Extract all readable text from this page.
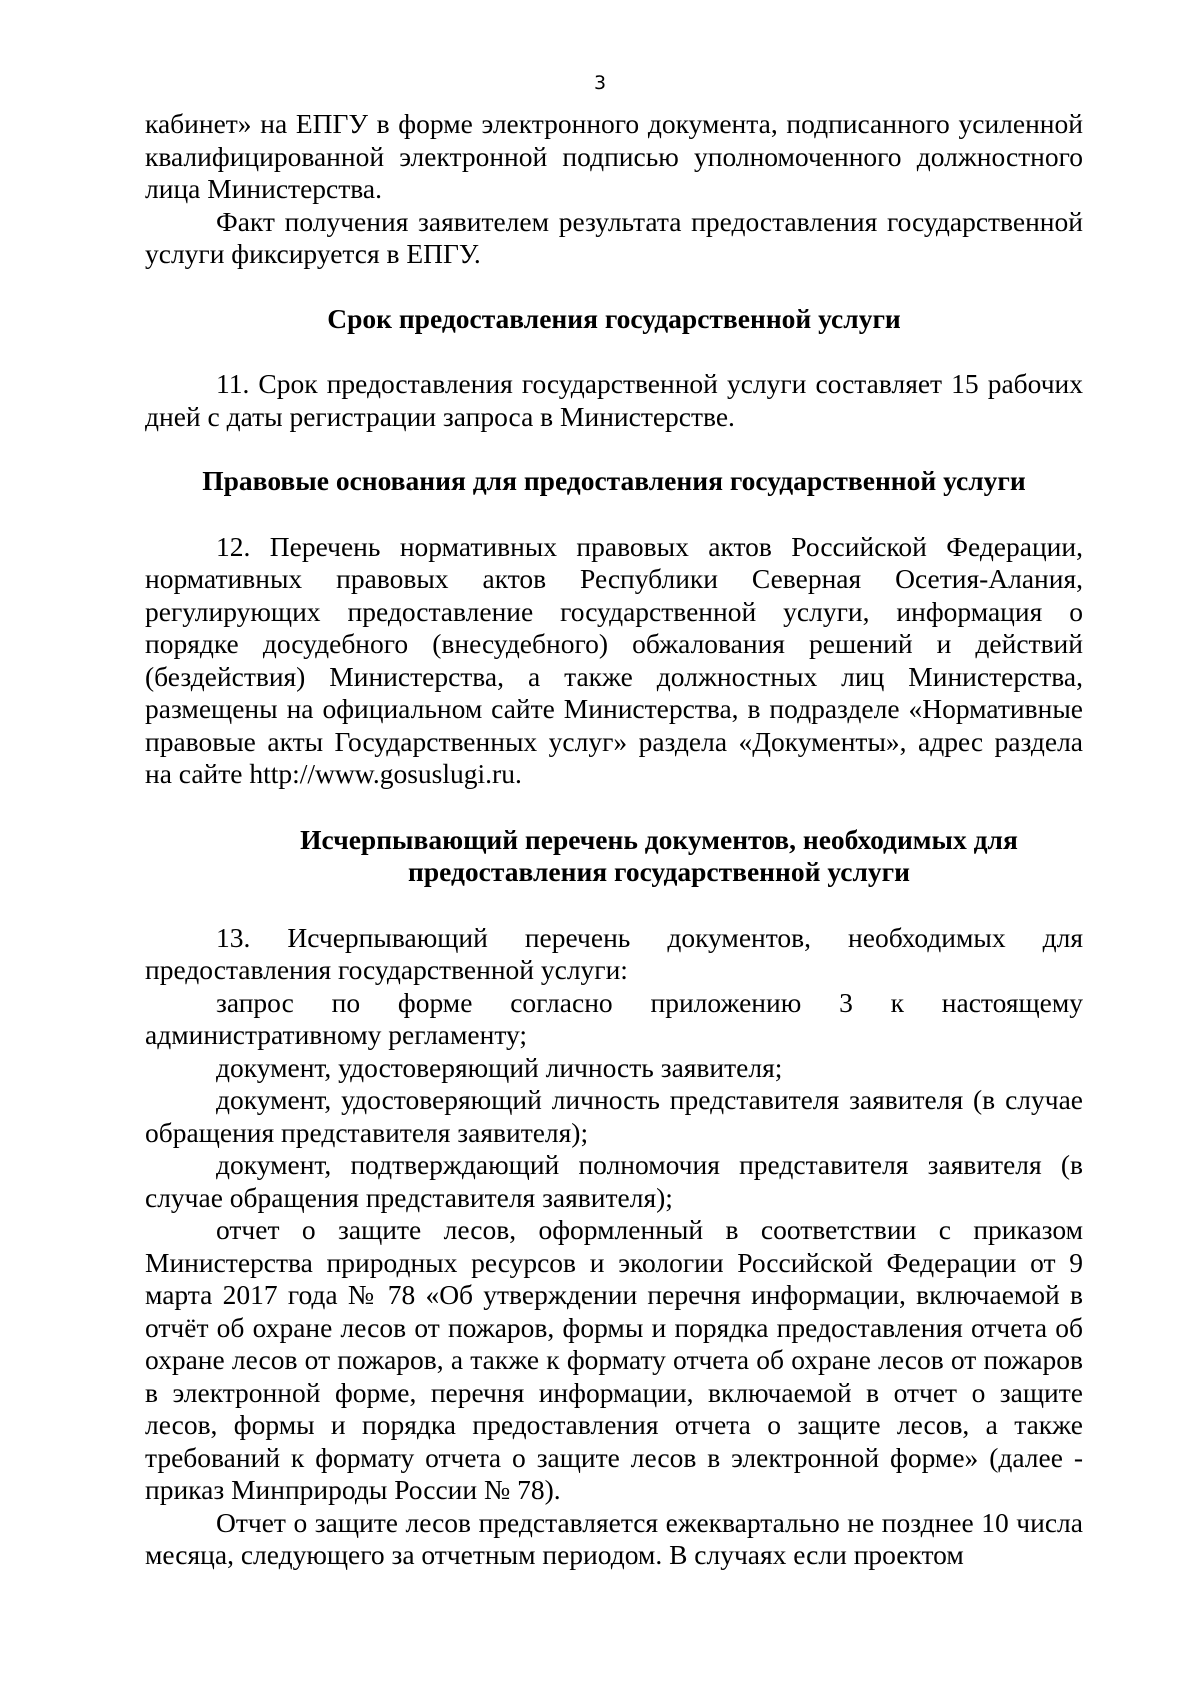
3

кабинет» на ЕПГУ в форме электронного документа, подписанного усиленной квалифицированной электронной подписью уполномоченного должностного лица Министерства.

Факт получения заявителем результата предоставления государственной услуги фиксируется в ЕПГУ.

Срок предоставления государственной услуги

11. Срок предоставления государственной услуги составляет 15 рабочих дней с даты регистрации запроса в Министерстве.

Правовые основания для предоставления государственной услуги

12. Перечень нормативных правовых актов Российской Федерации, нормативных правовых актов Республики Северная Осетия-Алания, регулирующих предоставление государственной услуги, информация о порядке досудебного (внесудебного) обжалования решений и действий (бездействия) Министерства, а также должностных лиц Министерства, размещены на официальном сайте Министерства, в подразделе «Нормативные правовые акты Государственных услуг» раздела «Документы», адрес раздела на сайте http://www.gosuslugi.ru.

Исчерпывающий перечень документов, необходимых для предоставления государственной услуги

13. Исчерпывающий перечень документов, необходимых для предоставления государственной услуги:

запрос по форме согласно приложению 3 к настоящему административному регламенту;

документ, удостоверяющий личность заявителя;

документ, удостоверяющий личность представителя заявителя (в случае обращения представителя заявителя);

документ, подтверждающий полномочия представителя заявителя (в случае обращения представителя заявителя);

отчет о защите лесов, оформленный в соответствии с приказом Министерства природных ресурсов и экологии Российской Федерации от 9 марта 2017 года № 78 «Об утверждении перечня информации, включаемой в отчёт об охране лесов от пожаров, формы и порядка предоставления отчета об охране лесов от пожаров, а также к формату отчета об охране лесов от пожаров в электронной форме, перечня информации, включаемой в отчет о защите лесов, формы и порядка предоставления отчета о защите лесов, а также требований к формату отчета о защите лесов в электронной форме» (далее - приказ Минприроды России № 78).

Отчет о защите лесов представляется ежеквартально не позднее 10 числа месяца, следующего за отчетным периодом. В случаях если проектом
